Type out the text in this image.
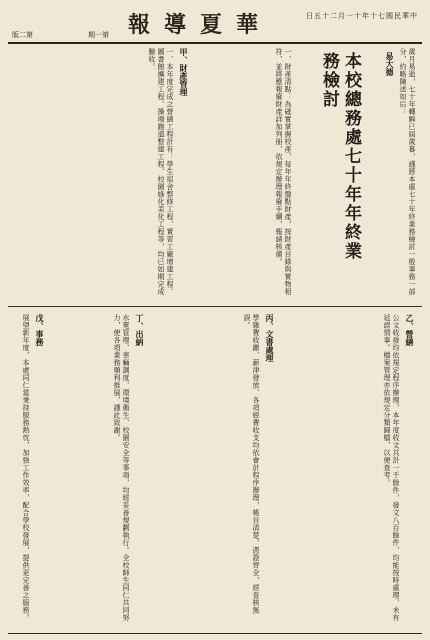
日五十二月一十年十七國民華中
報導夏華
期一第
版二第
本校總務處七十年年終業務檢討	易大德	歲月易逝，七十年轉瞬已屆歲暮，謹將本處七十年終業務檢討一般事務一部分，約略陳述如后：
一、財產清點：為確實掌握校產，每年年終盤點財產，按財產目錄與實物相符，並將應報廢財產詳加列冊，依規定辦理報廢手續，報請核備。
甲、財產管理
一、本年度完成之營繕工程計有：學生宿舍整修工程、實習工廠增建工程、圖書館擴建工程、操場跑道整建工程、校園綠化美化工程等，均已如期完成驗收。
乙、營繕
公文收發均依規定程序辦理，本年度收文共計一千餘件，發文八百餘件，均能按時處理，未有延誤情事。檔案管理亦依規定分類歸檔，以便查考。
丙、文書處理
學雜費收繳、薪津發放、各項經費收支均依會計程序辦理，帳目清楚，憑證齊全，經查核無誤。
丁、出納
水電管理、車輛調度、環境衛生、校園安全等事項，均經妥善規劃執行。全校師生同仁共同努力，使各項業務順利推展，謹此致謝。
戊、事務
展望新年度，本處同仁當秉持服務熱忱，加強工作效率，配合學校發展，提供更完善之服務。
